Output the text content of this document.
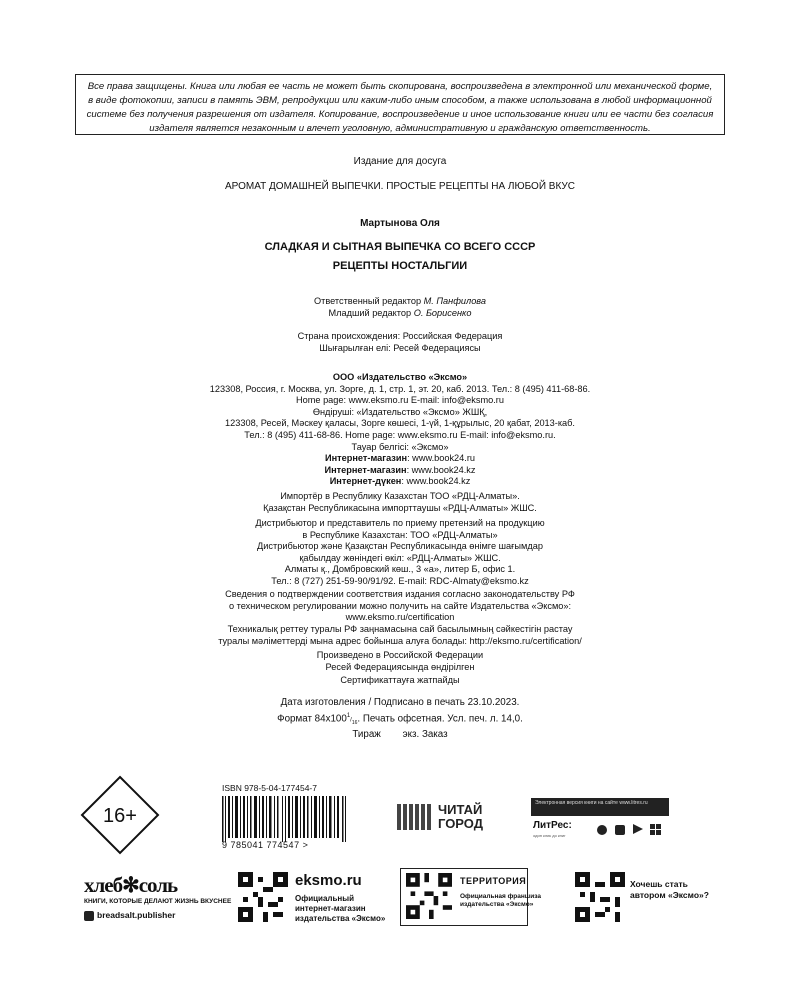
Все права защищены. Книга или любая ее часть не может быть скопирована, воспроизведена в электронной или механической форме, в виде фотокопии, записи в память ЭВМ, репродукции или каким-либо иным способом, а также использована в любой информационной системе без получения разрешения от издателя. Копирование, воспроизведение и иное использование книги или ее части без согласия издателя является незаконным и влечет уголовную, административную и гражданскую ответственность.
Издание для досуга
АРОМАТ ДОМАШНЕЙ ВЫПЕЧКИ. ПРОСТЫЕ РЕЦЕПТЫ НА ЛЮБОЙ ВКУС
Мартынова Оля
СЛАДКАЯ И СЫТНАЯ ВЫПЕЧКА СО ВСЕГО СССР
РЕЦЕПТЫ НОСТАЛЬГИИ
Ответственный редактор М. Панфилова
Младший редактор О. Борисенко
Страна происхождения: Российская Федерация
Шығарылған елі: Ресей Федерациясы
ООО «Издательство «Эксмо»
123308, Россия, г. Москва, ул. Зорге, д. 1, стр. 1, эт. 20, каб. 2013. Тел.: 8 (495) 411-68-86.
Home page: www.eksmo.ru E-mail: info@eksmo.ru
Өндіруші: «Издательство «Эксмо» ЖШҚ,
123308, Ресей, Мәскеу қаласы, Зорге көшесі, 1-үй, 1-құрылыс, 20 қабат, 2013-каб.
Тел.: 8 (495) 411-68-86. Home page: www.eksmo.ru E-mail: info@eksmo.ru.
Тауар белгісі: «Эксмо»
Интернет-магазин: www.book24.ru
Интернет-магазин: www.book24.kz
Интернет-дүкен: www.book24.kz
Импортёр в Республику Казахстан ТОО «РДЦ-Алматы».
Қазақстан Республикасына импорттаушы «РДЦ-Алматы» ЖШС.
Дистрибьютор и представитель по приему претензий на продукцию
в Республике Казахстан: ТОО «РДЦ-Алматы»
Дистрибьютор және Қазақстан Республикасында өнімге шағымдар
қабылдау жөніндегі өкіл: «РДЦ-Алматы» ЖШС.
Алматы қ., Домбровский көш., 3 «а», литер Б, офис 1.
Тел.: 8 (727) 251-59-90/91/92. E-mail: RDC-Almaty@eksmo.kz
Сведения о подтверждении соответствия издания согласно законодательству РФ
о техническом регулировании можно получить на сайте Издательства «Эксмо»:
www.eksmo.ru/certification
Техникалық реттеу туралы РФ заңнамасына сай басылымның сәйкестігін растау
туралы мәліметтерді мына адрес бойынша алуға болады: http://eksmo.ru/certification/
Произведено в Российской Федерации
Ресей Федерациясында өндірілген
Сертификаттауға жатпайды
Дата изготовления / Подписано в печать 23.10.2023.
Формат $84x100^1/_{16}$. Печать офсетная. Усл. печ. л. 14,0.
Тираж        экз. Заказ
16+
ISBN 978-5-04-177454-7
9 785041 774547 >
ЧИТАЙ
ГОРОД
Электронная версия книги на сайте www.litres.ru
ЛитРес:
один клик до книг
хлеб✻соль
КНИГИ, КОТОРЫЕ ДЕЛАЮТ ЖИЗНЬ ВКУСНЕЕ
breadsalt.publisher
eksmo.ru
Официальный
интернет-магазин
издательства «Эксмо»
ТЕРРИТОРИЯ
Официальная франшиза
издательства «Эксмо»
Хочешь стать
автором «Эксмо»?
